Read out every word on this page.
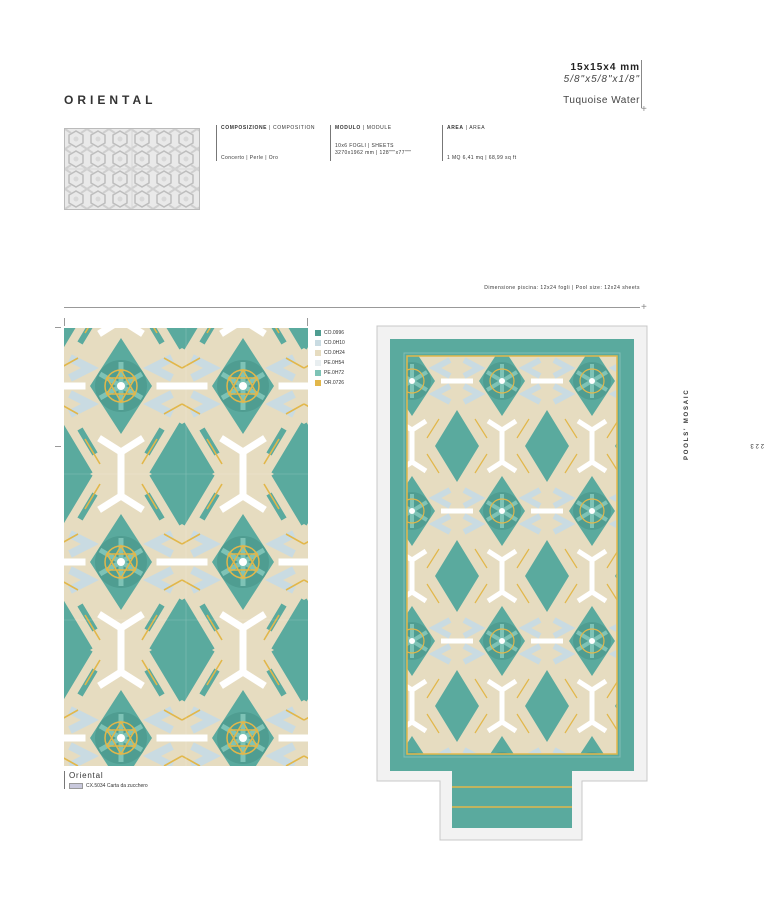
15x15x4 mm
5/8"x5/8"x1/8"
ORIENTAL	Tuquoise Water
+
COMPOSIZIONE | COMPOSITION
Concerto | Perle | Oro
MODULO | MODULE
10x6 FOGLI | SHEETS
3270x1962 mm | 128"""x77"""
AREA | AREA
1 MQ 6,41 mq | 68,99 sq ft
Dimensione piscina: 12x24 fogli | Pool size: 12x24 sheets
+
CO.0996
CO.0H10
CO.0H24
PE.0H54
PE.0H72
OR.0726
223
POOLS' MOSAIC
Oriental
CX.5034 Carta da zucchero
